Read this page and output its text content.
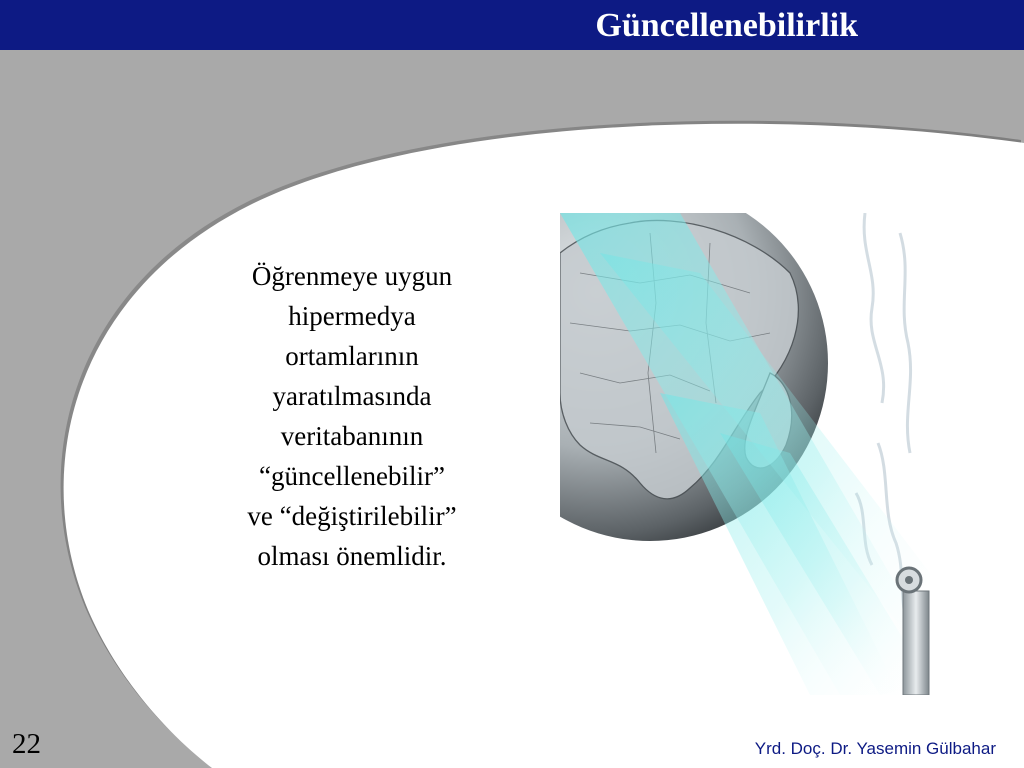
Güncellenebilirlik

Öğrenmeye uygun
hipermedya
ortamlarının
yaratılmasında
veritabanının
“güncellenebilir”
ve “değiştirilebilir”
olması önemlidir.

22	Yrd. Doç. Dr. Yasemin Gülbahar
